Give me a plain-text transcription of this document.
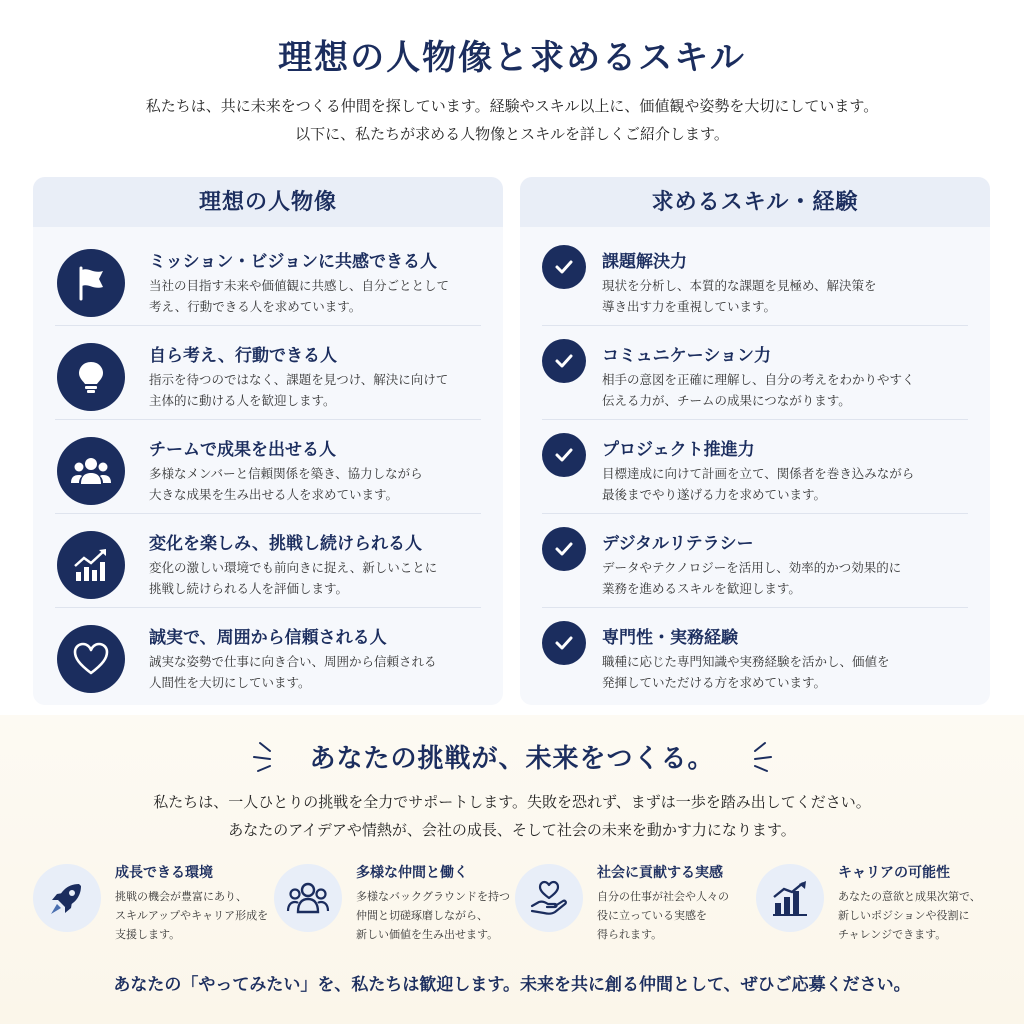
理想の人物像と求めるスキル
私たちは、共に未来をつくる仲間を探しています。経験やスキル以上に、価値観や姿勢を大切にしています。
以下に、私たちが求める人物像とスキルを詳しくご紹介します。
理想の人物像
ミッション・ビジョンに共感できる人
当社の目指す未来や価値観に共感し、自分ごととして
考え、行動できる人を求めています。
自ら考え、行動できる人
指示を待つのではなく、課題を見つけ、解決に向けて
主体的に動ける人を歓迎します。
チームで成果を出せる人
多様なメンバーと信頼関係を築き、協力しながら
大きな成果を生み出せる人を求めています。
変化を楽しみ、挑戦し続けられる人
変化の激しい環境でも前向きに捉え、新しいことに
挑戦し続けられる人を評価します。
誠実で、周囲から信頼される人
誠実な姿勢で仕事に向き合い、周囲から信頼される
人間性を大切にしています。
求めるスキル・経験
課題解決力
現状を分析し、本質的な課題を見極め、解決策を
導き出す力を重視しています。
コミュニケーション力
相手の意図を正確に理解し、自分の考えをわかりやすく
伝える力が、チームの成果につながります。
プロジェクト推進力
目標達成に向けて計画を立て、関係者を巻き込みながら
最後までやり遂げる力を求めています。
デジタルリテラシー
データやテクノロジーを活用し、効率的かつ効果的に
業務を進めるスキルを歓迎します。
専門性・実務経験
職種に応じた専門知識や実務経験を活かし、価値を
発揮していただける方を求めています。
あなたの挑戦が、未来をつくる。
私たちは、一人ひとりの挑戦を全力でサポートします。失敗を恐れず、まずは一歩を踏み出してください。
あなたのアイデアや情熱が、会社の成長、そして社会の未来を動かす力になります。
成長できる環境
挑戦の機会が豊富にあり、
スキルアップやキャリア形成を
支援します。
多様な仲間と働く
多様なバックグラウンドを持つ
仲間と切磋琢磨しながら、
新しい価値を生み出せます。
社会に貢献する実感
自分の仕事が社会や人々の
役に立っている実感を
得られます。
キャリアの可能性
あなたの意欲と成果次第で、
新しいポジションや役割に
チャレンジできます。
あなたの「やってみたい」を、私たちは歓迎します。未来を共に創る仲間として、ぜひご応募ください。
